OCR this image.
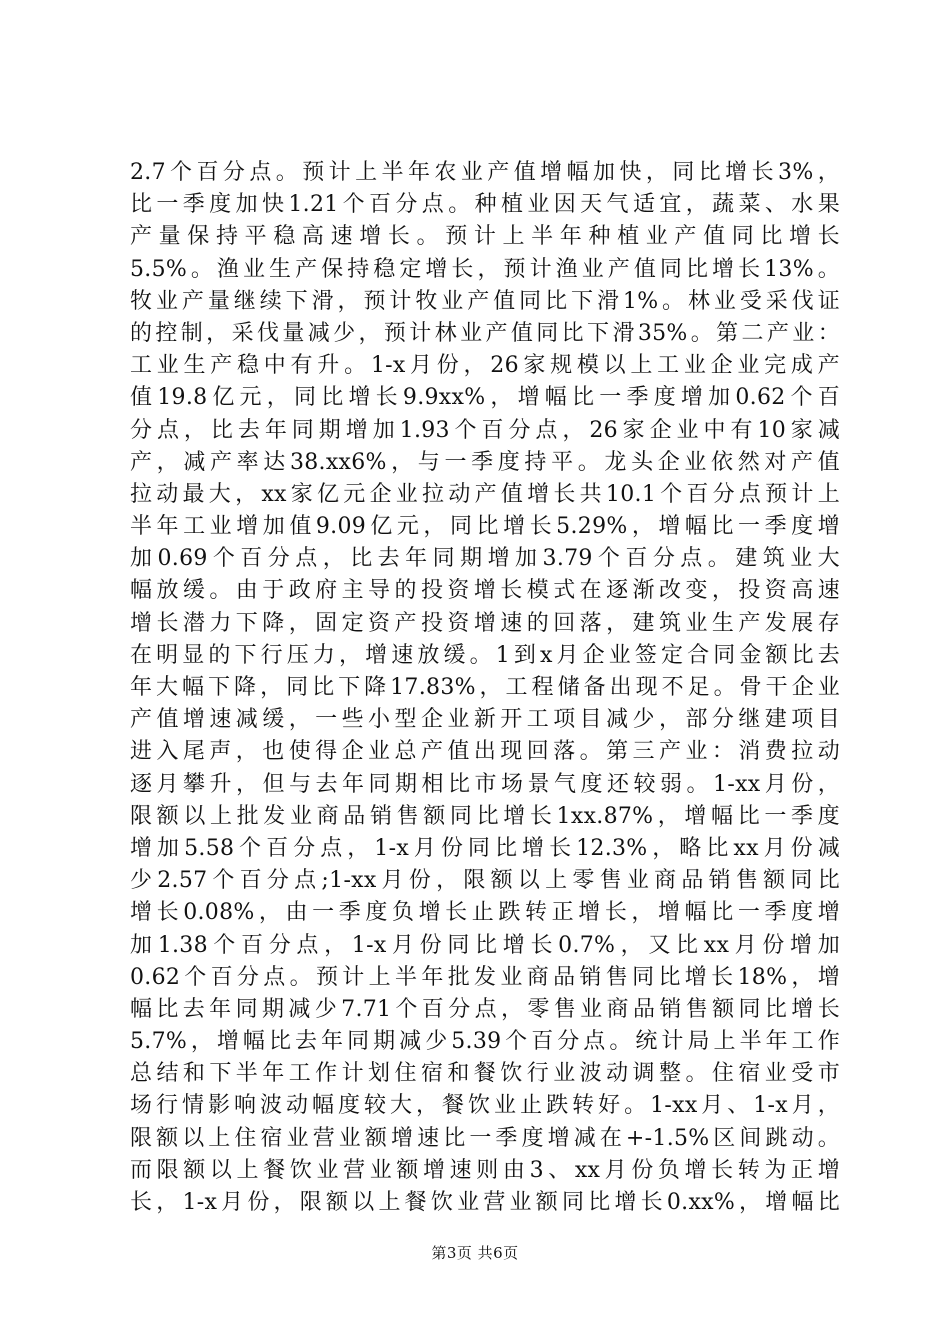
2.7个百分点。预计上半年农业产值增幅加快，同比增长3%，
比一季度加快1.21个百分点。种植业因天气适宜，蔬菜、水果
产量保持平稳高速增长。预计上半年种植业产值同比增长
5.5%。渔业生产保持稳定增长，预计渔业产值同比增长13%。
牧业产量继续下滑，预计牧业产值同比下滑1%。林业受采伐证
的控制，采伐量减少，预计林业产值同比下滑35%。第二产业：
工业生产稳中有升。1-x月份，26家规模以上工业企业完成产
值19.8亿元，同比增长9.9xx%，增幅比一季度增加0.62个百
分点，比去年同期增加1.93个百分点，26家企业中有10家减
产，减产率达38.xx6%，与一季度持平。龙头企业依然对产值
拉动最大，xx家亿元企业拉动产值增长共10.1个百分点预计上
半年工业增加值9.09亿元，同比增长5.29%，增幅比一季度增
加0.69个百分点，比去年同期增加3.79个百分点。建筑业大
幅放缓。由于政府主导的投资增长模式在逐渐改变，投资高速
增长潜力下降，固定资产投资增速的回落，建筑业生产发展存
在明显的下行压力，增速放缓。1到x月企业签定合同金额比去
年大幅下降，同比下降17.83%，工程储备出现不足。骨干企业
产值增速减缓，一些小型企业新开工项目减少，部分继建项目
进入尾声，也使得企业总产值出现回落。第三产业：消费拉动
逐月攀升，但与去年同期相比市场景气度还较弱。1-xx月份，
限额以上批发业商品销售额同比增长1xx.87%，增幅比一季度
增加5.58个百分点，1-x月份同比增长12.3%，略比xx月份减
少2.57个百分点;1-xx月份，限额以上零售业商品销售额同比
增长0.08%，由一季度负增长止跌转正增长，增幅比一季度增
加1.38个百分点，1-x月份同比增长0.7%，又比xx月份增加
0.62个百分点。预计上半年批发业商品销售同比增长18%，增
幅比去年同期减少7.71个百分点，零售业商品销售额同比增长
5.7%，增幅比去年同期减少5.39个百分点。统计局上半年工作
总结和下半年工作计划住宿和餐饮行业波动调整。住宿业受市
场行情影响波动幅度较大，餐饮业止跌转好。1-xx月、1-x月，
限额以上住宿业营业额增速比一季度增减在+-1.5%区间跳动。
而限额以上餐饮业营业额增速则由3、xx月份负增长转为正增
长，1-x月份，限额以上餐饮业营业额同比增长0.xx%，增幅比
第3页 共6页
